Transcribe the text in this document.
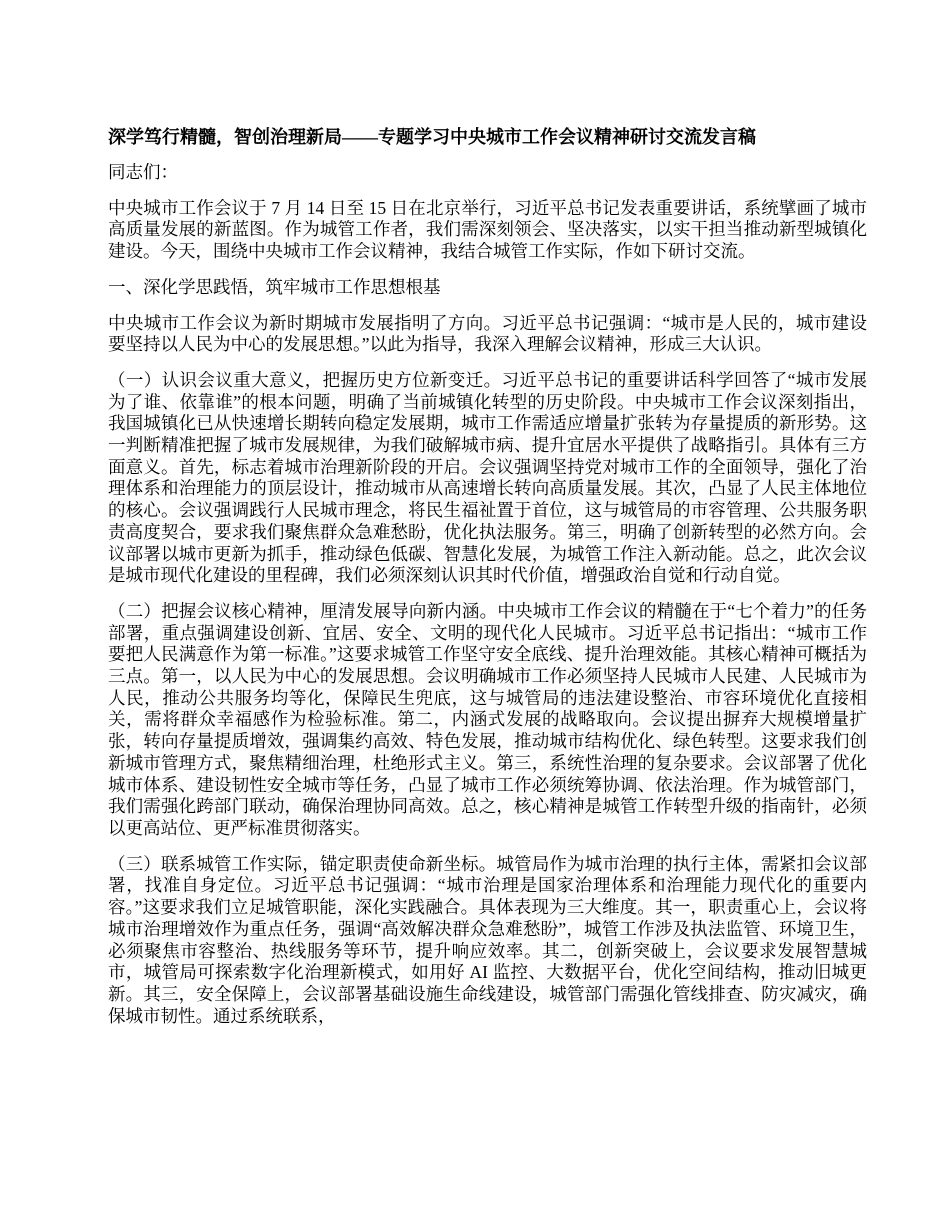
深学笃行精髓，智创治理新局——专题学习中央城市工作会议精神研讨交流发言稿

同志们：

中央城市工作会议于 7 月 14 日至 15 日在北京举行，习近平总书记发表重要讲话，系统擘画了城市高质量发展的新蓝图。作为城管工作者，我们需深刻领会、坚决落实，以实干担当推动新型城镇化建设。今天，围绕中央城市工作会议精神，我结合城管工作实际，作如下研讨交流。

一、深化学思践悟，筑牢城市工作思想根基

中央城市工作会议为新时期城市发展指明了方向。习近平总书记强调：“城市是人民的，城市建设要坚持以人民为中心的发展思想。”以此为指导，我深入理解会议精神，形成三大认识。

（一）认识会议重大意义，把握历史方位新变迁。习近平总书记的重要讲话科学回答了“城市发展为了谁、依靠谁”的根本问题，明确了当前城镇化转型的历史阶段。中央城市工作会议深刻指出，我国城镇化已从快速增长期转向稳定发展期，城市工作需适应增量扩张转为存量提质的新形势。这一判断精准把握了城市发展规律，为我们破解城市病、提升宜居水平提供了战略指引。具体有三方面意义。首先，标志着城市治理新阶段的开启。会议强调坚持党对城市工作的全面领导，强化了治理体系和治理能力的顶层设计，推动城市从高速增长转向高质量发展。其次，凸显了人民主体地位的核心。会议强调践行人民城市理念，将民生福祉置于首位，这与城管局的市容管理、公共服务职责高度契合，要求我们聚焦群众急难愁盼，优化执法服务。第三，明确了创新转型的必然方向。会议部署以城市更新为抓手，推动绿色低碳、智慧化发展，为城管工作注入新动能。总之，此次会议是城市现代化建设的里程碑，我们必须深刻认识其时代价值，增强政治自觉和行动自觉。

（二）把握会议核心精神，厘清发展导向新内涵。中央城市工作会议的精髓在于“七个着力”的任务部署，重点强调建设创新、宜居、安全、文明的现代化人民城市。习近平总书记指出：“城市工作要把人民满意作为第一标准。”这要求城管工作坚守安全底线、提升治理效能。其核心精神可概括为三点。第一，以人民为中心的发展思想。会议明确城市工作必须坚持人民城市人民建、人民城市为人民，推动公共服务均等化，保障民生兜底，这与城管局的违法建设整治、市容环境优化直接相关，需将群众幸福感作为检验标准。第二，内涵式发展的战略取向。会议提出摒弃大规模增量扩张，转向存量提质增效，强调集约高效、特色发展，推动城市结构优化、绿色转型。这要求我们创新城市管理方式，聚焦精细治理，杜绝形式主义。第三，系统性治理的复杂要求。会议部署了优化城市体系、建设韧性安全城市等任务，凸显了城市工作必须统筹协调、依法治理。作为城管部门，我们需强化跨部门联动，确保治理协同高效。总之，核心精神是城管工作转型升级的指南针，必须以更高站位、更严标准贯彻落实。

（三）联系城管工作实际，锚定职责使命新坐标。城管局作为城市治理的执行主体，需紧扣会议部署，找准自身定位。习近平总书记强调：“城市治理是国家治理体系和治理能力现代化的重要内容。”这要求我们立足城管职能，深化实践融合。具体表现为三大维度。其一，职责重心上，会议将城市治理增效作为重点任务，强调“高效解决群众急难愁盼”，城管工作涉及执法监管、环境卫生，必须聚焦市容整治、热线服务等环节，提升响应效率。其二，创新突破上，会议要求发展智慧城市，城管局可探索数字化治理新模式，如用好 AI 监控、大数据平台，优化空间结构，推动旧城更新。其三，安全保障上，会议部署基础设施生命线建设，城管部门需强化管线排查、防灾减灾，确保城市韧性。通过系统联系，
